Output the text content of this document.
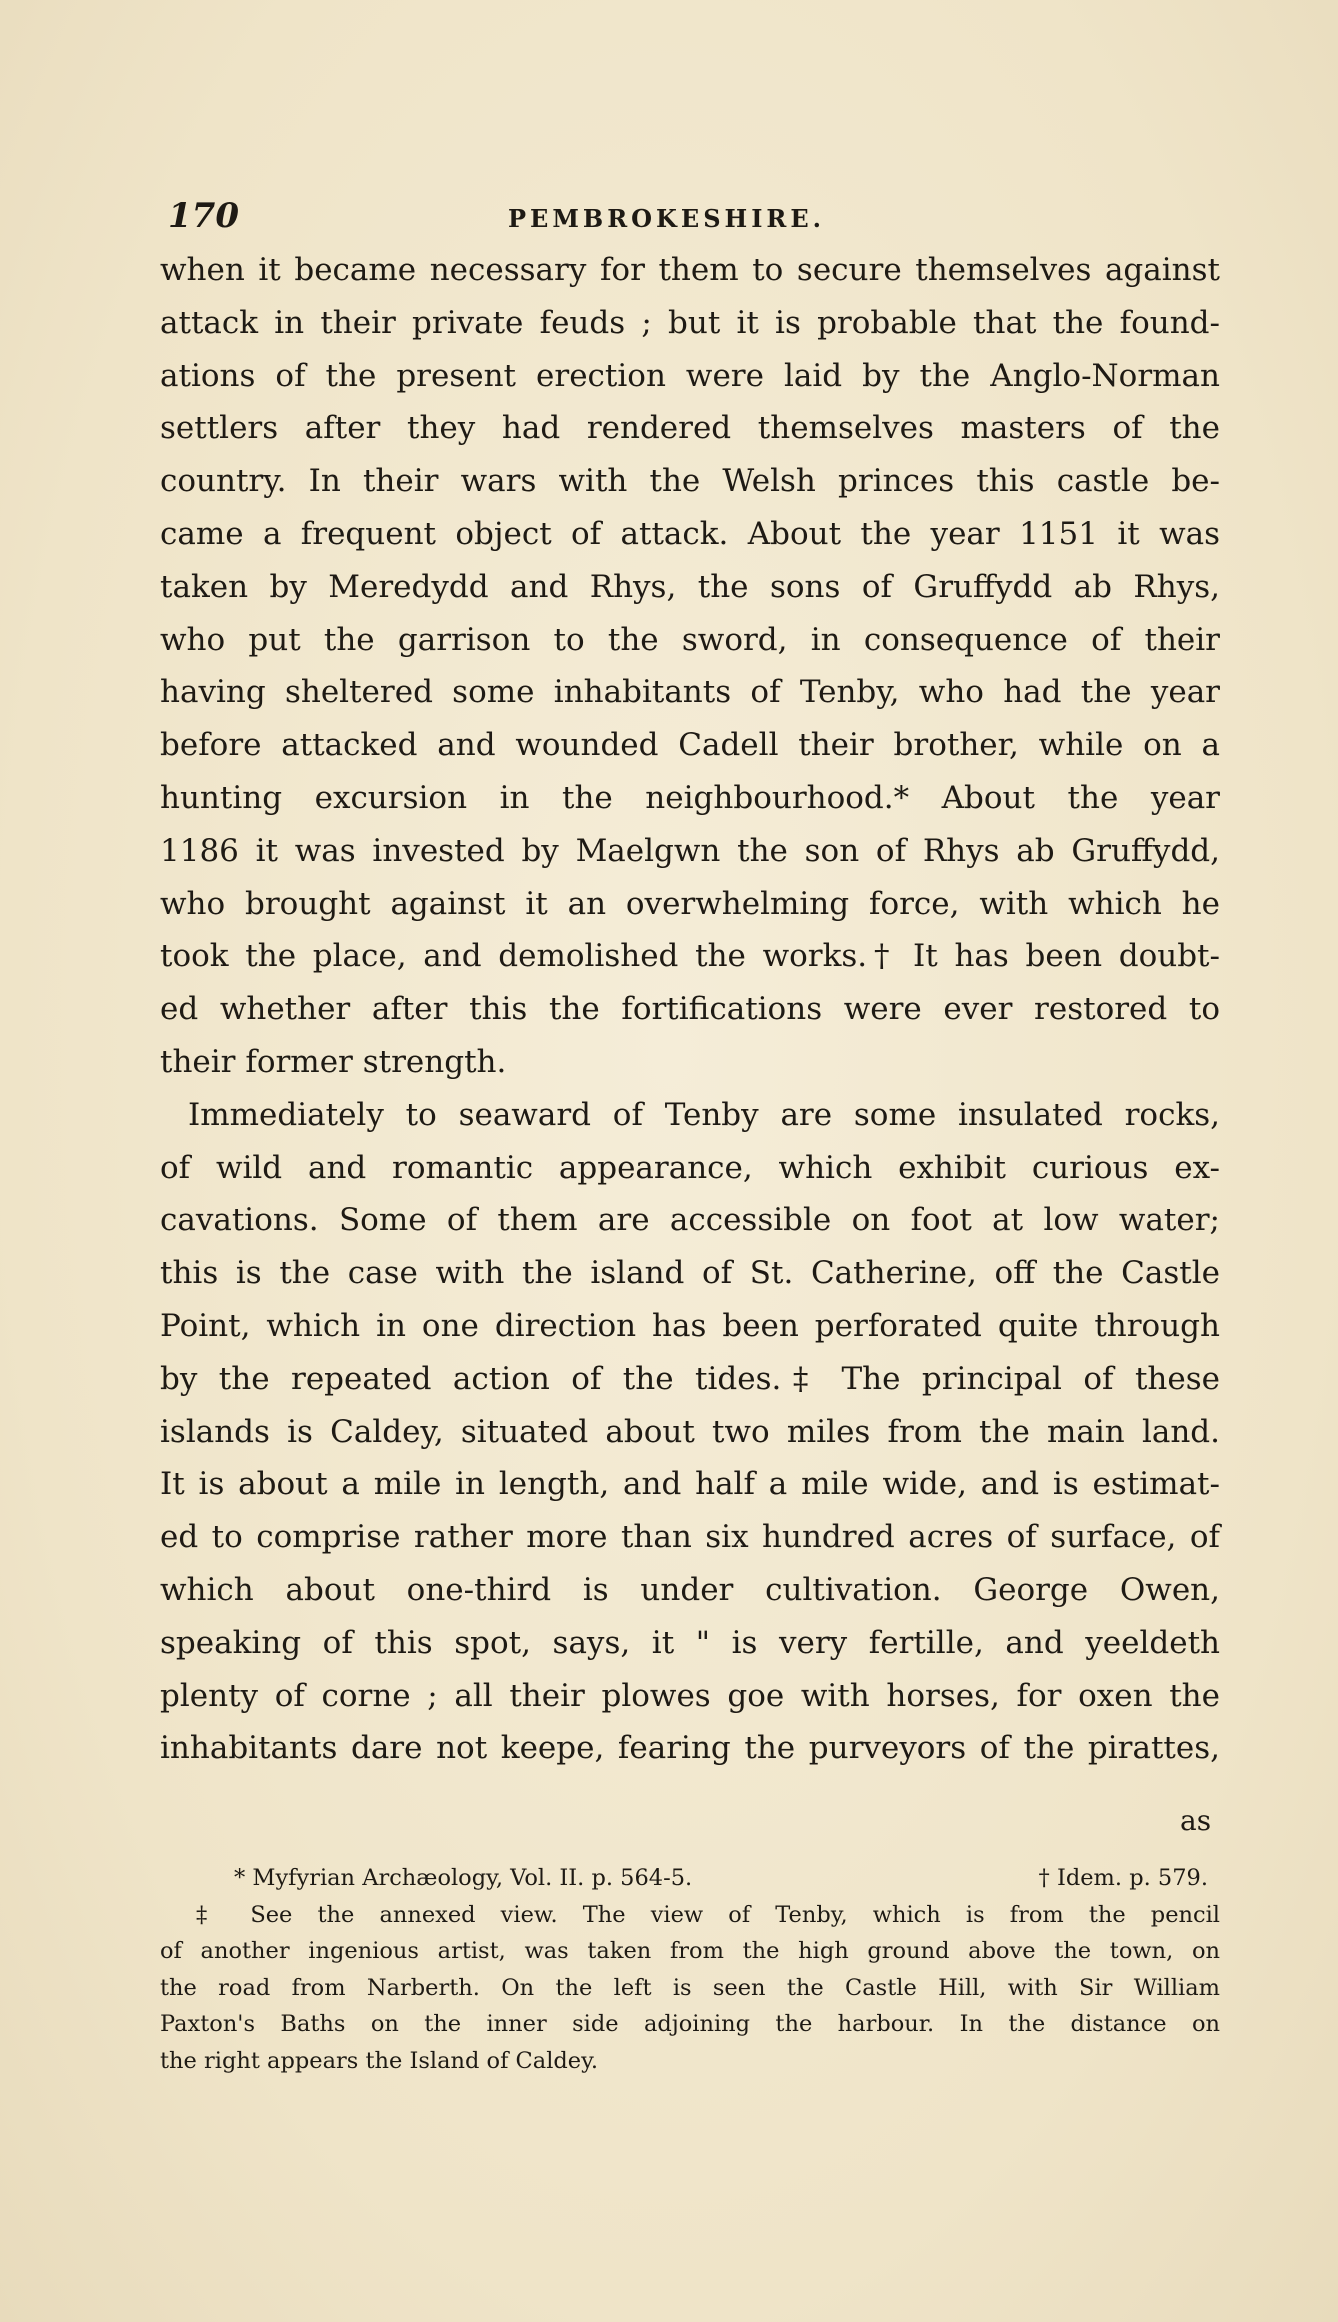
170	PEMBROKESHIRE.
when it became necessary for them to secure themselves against
attack in their private feuds ; but it is probable that the found-
ations of the present erection were laid by the Anglo-Norman
settlers after they had rendered themselves masters of the
country. In their wars with the Welsh princes this castle be-
came a frequent object of attack. About the year 1151 it was
taken by Meredydd and Rhys, the sons of Gruffydd ab Rhys,
who put the garrison to the sword, in consequence of their
having sheltered some inhabitants of Tenby, who had the year
before attacked and wounded Cadell their brother, while on a
hunting excursion in the neighbourhood.* About the year
1186 it was invested by Maelgwn the son of Rhys ab Gruffydd,
who brought against it an overwhelming force, with which he
took the place, and demolished the works.† It has been doubt-
ed whether after this the fortifications were ever restored to
their former strength.
Immediately to seaward of Tenby are some insulated rocks,
of wild and romantic appearance, which exhibit curious ex-
cavations. Some of them are accessible on foot at low water;
this is the case with the island of St. Catherine, off the Castle
Point, which in one direction has been perforated quite through
by the repeated action of the tides.‡ The principal of these
islands is Caldey, situated about two miles from the main land.
It is about a mile in length, and half a mile wide, and is estimat-
ed to comprise rather more than six hundred acres of surface, of
which about one-third is under cultivation. George Owen,
speaking of this spot, says, it " is very fertille, and yeeldeth
plenty of corne ; all their plowes goe with horses, for oxen the
inhabitants dare not keepe, fearing the purveyors of the pirattes,
as
* Myfyrian Archæology, Vol. II. p. 564-5.	† Idem. p. 579.
‡ See the annexed view. The view of Tenby, which is from the pencil
of another ingenious artist, was taken from the high ground above the town, on
the road from Narberth. On the left is seen the Castle Hill, with Sir William
Paxton's Baths on the inner side adjoining the harbour. In the distance on
the right appears the Island of Caldey.
